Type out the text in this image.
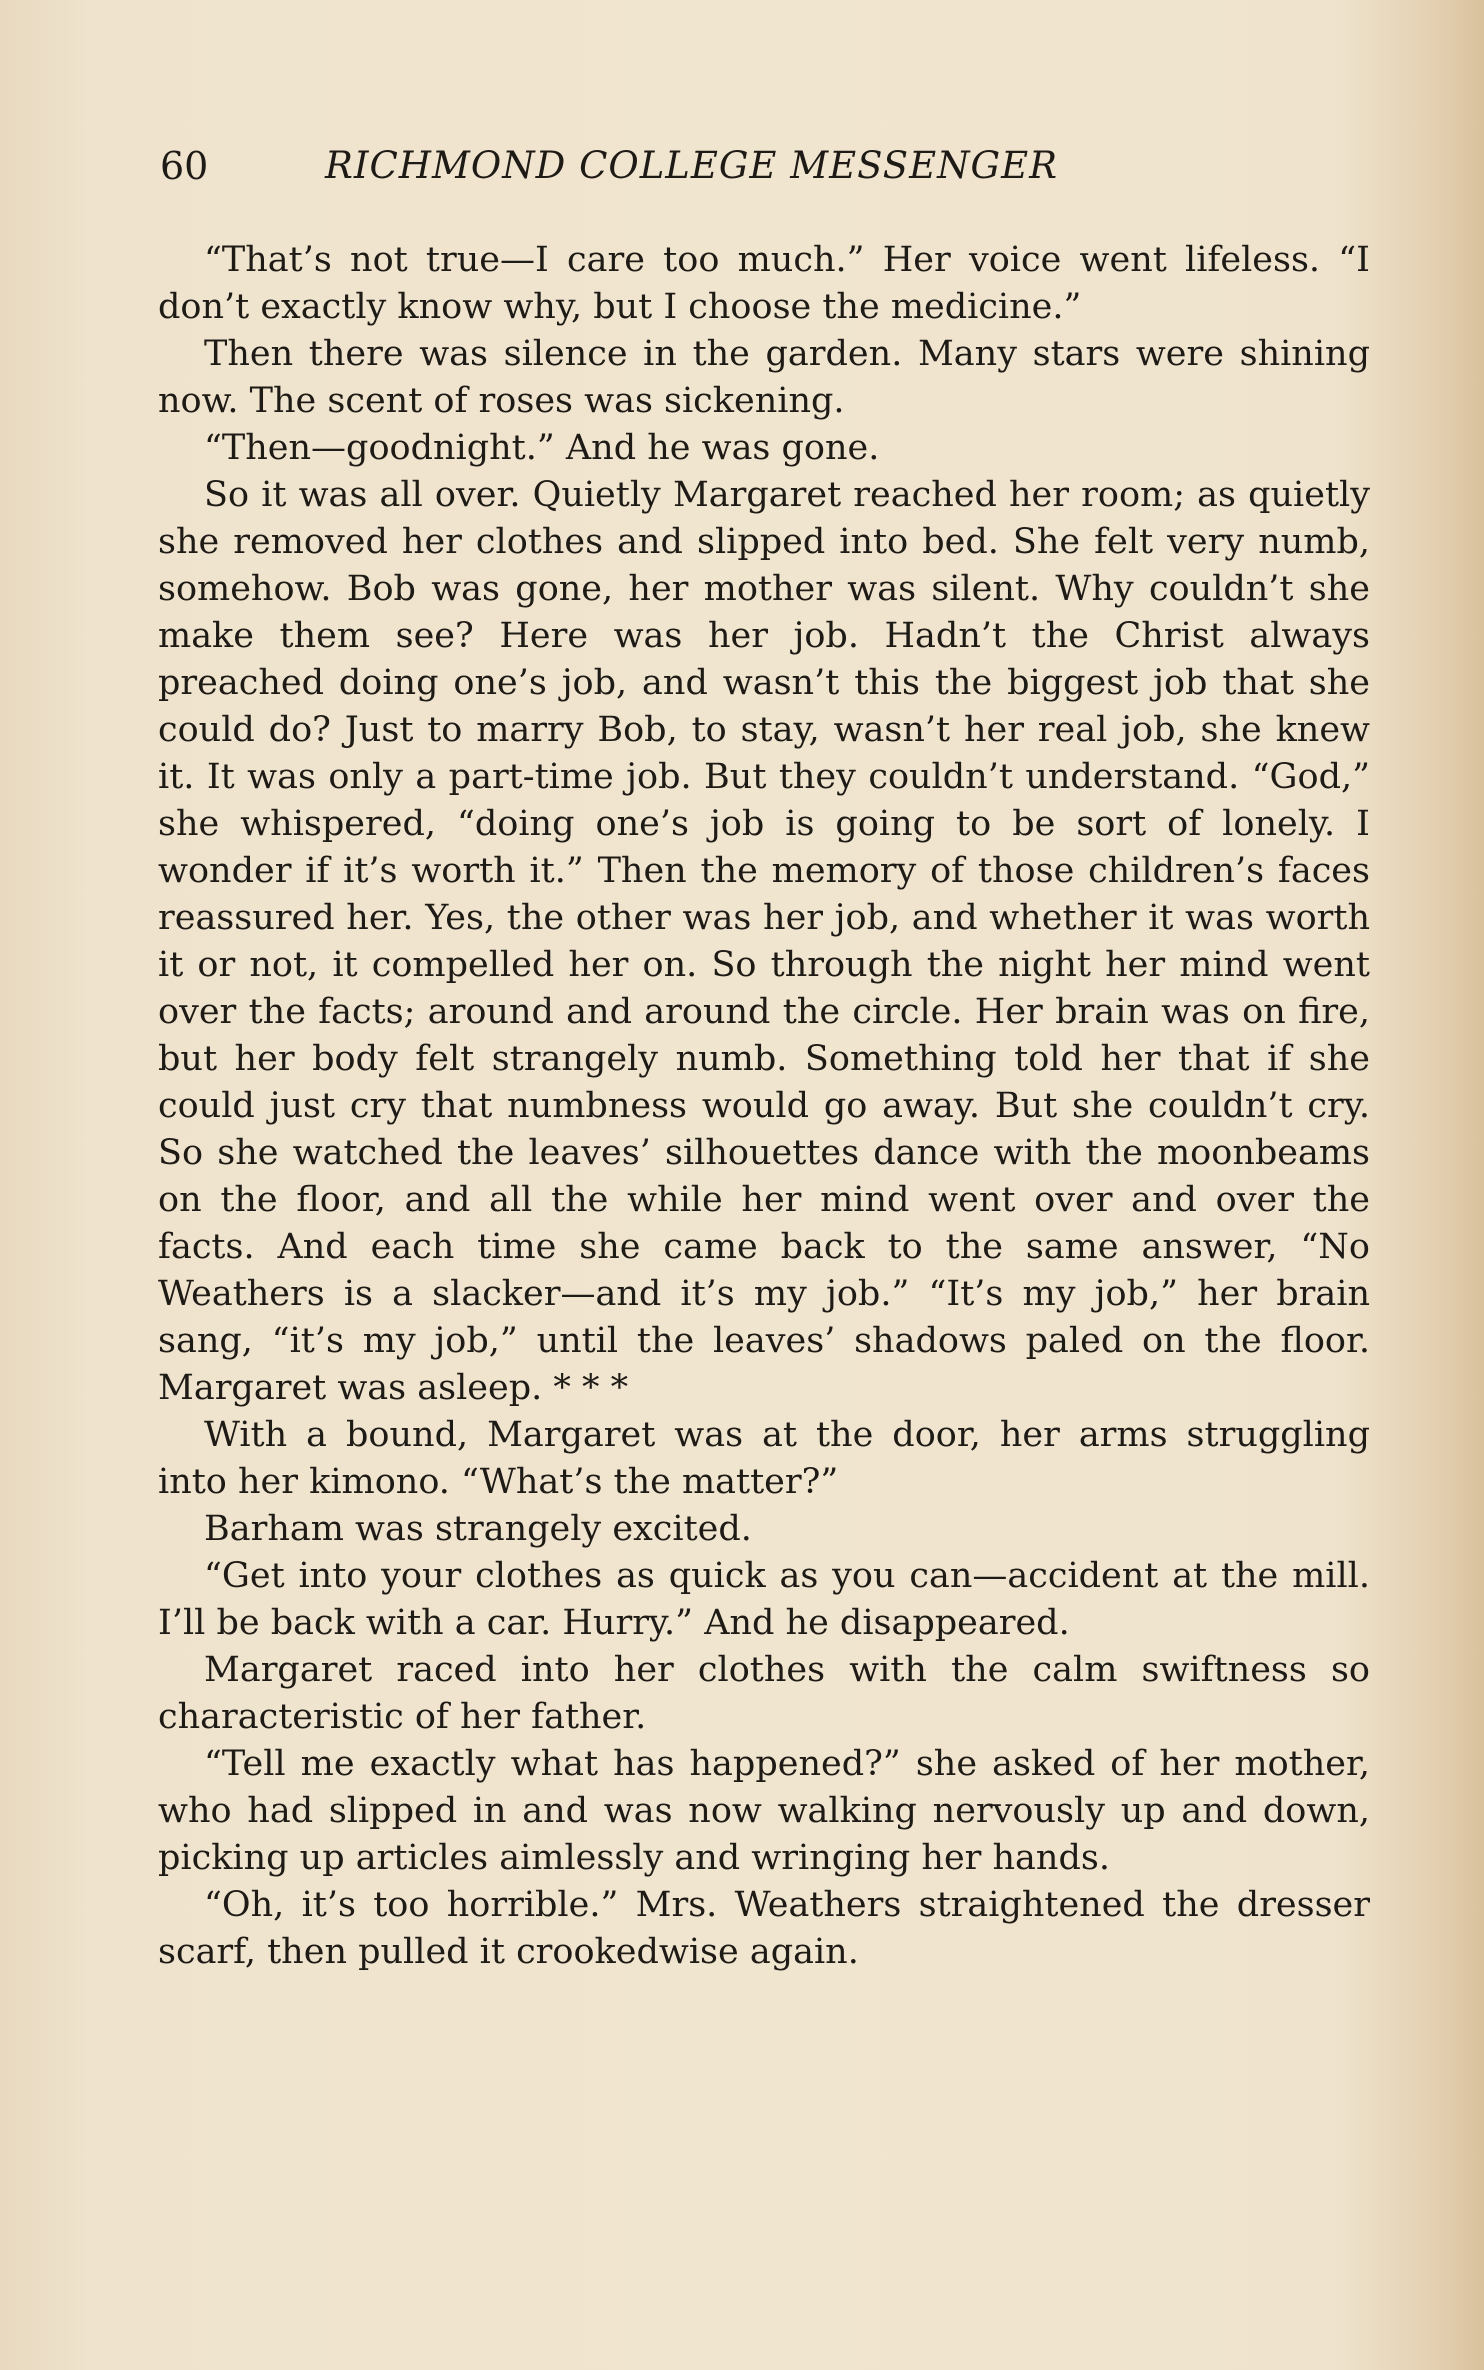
60	RICHMOND COLLEGE MESSENGER

“That’s not true—I care too much.” Her voice went lifeless. “I don’t exactly know why, but I choose the medicine.”

Then there was silence in the garden. Many stars were shining now. The scent of roses was sickening.

“Then—goodnight.” And he was gone.

So it was all over. Quietly Margaret reached her room; as quietly she removed her clothes and slipped into bed. She felt very numb, somehow. Bob was gone, her mother was silent. Why couldn’t she make them see? Here was her job. Hadn’t the Christ always preached doing one’s job, and wasn’t this the biggest job that she could do? Just to marry Bob, to stay, wasn’t her real job, she knew it. It was only a part-time job. But they couldn’t understand. “God,” she whispered, “doing one’s job is going to be sort of lonely. I wonder if it’s worth it.” Then the memory of those children’s faces reassured her. Yes, the other was her job, and whether it was worth it or not, it compelled her on. So through the night her mind went over the facts; around and around the circle. Her brain was on fire, but her body felt strangely numb. Something told her that if she could just cry that numbness would go away. But she couldn’t cry. So she watched the leaves’ silhouettes dance with the moonbeams on the floor, and all the while her mind went over and over the facts. And each time she came back to the same answer, “No Weathers is a slacker—and it’s my job.” “It’s my job,” her brain sang, “it’s my job,” until the leaves’ shadows paled on the floor. Margaret was asleep. * * *

With a bound, Margaret was at the door, her arms struggling into her kimono. “What’s the matter?”

Barham was strangely excited.

“Get into your clothes as quick as you can—accident at the mill. I’ll be back with a car. Hurry.” And he disappeared.

Margaret raced into her clothes with the calm swiftness so characteristic of her father.

“Tell me exactly what has happened?” she asked of her mother, who had slipped in and was now walking nervously up and down, picking up articles aimlessly and wringing her hands.

“Oh, it’s too horrible.” Mrs. Weathers straightened the dresser scarf, then pulled it crookedwise again.
